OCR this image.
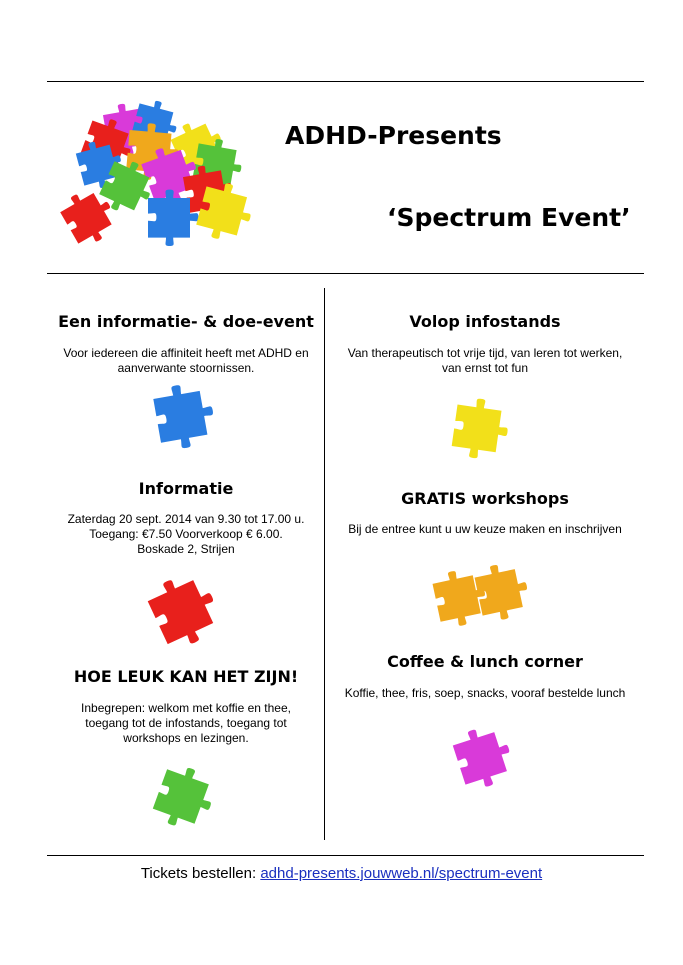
ADHD-Presents
‘Spectrum Event’
Een informatie- & doe-event
Voor iedereen die affiniteit heeft met ADHD en
aanverwante stoornissen.
Informatie
Zaterdag 20 sept. 2014 van 9.30 tot 17.00 u.
Toegang: €7.50 Voorverkoop € 6.00.
Boskade 2, Strijen
HOE LEUK KAN HET ZIJN!
Inbegrepen: welkom met koffie en thee,
toegang tot de infostands, toegang tot
workshops en lezingen.
Volop infostands
Van therapeutisch tot vrije tijd, van leren tot werken,
van ernst tot fun
GRATIS workshops
Bij de entree kunt u uw keuze maken en inschrijven
Coffee & lunch corner
Koffie, thee, fris, soep, snacks, vooraf bestelde lunch
Tickets bestellen: adhd-presents.jouwweb.nl/spectrum-event
